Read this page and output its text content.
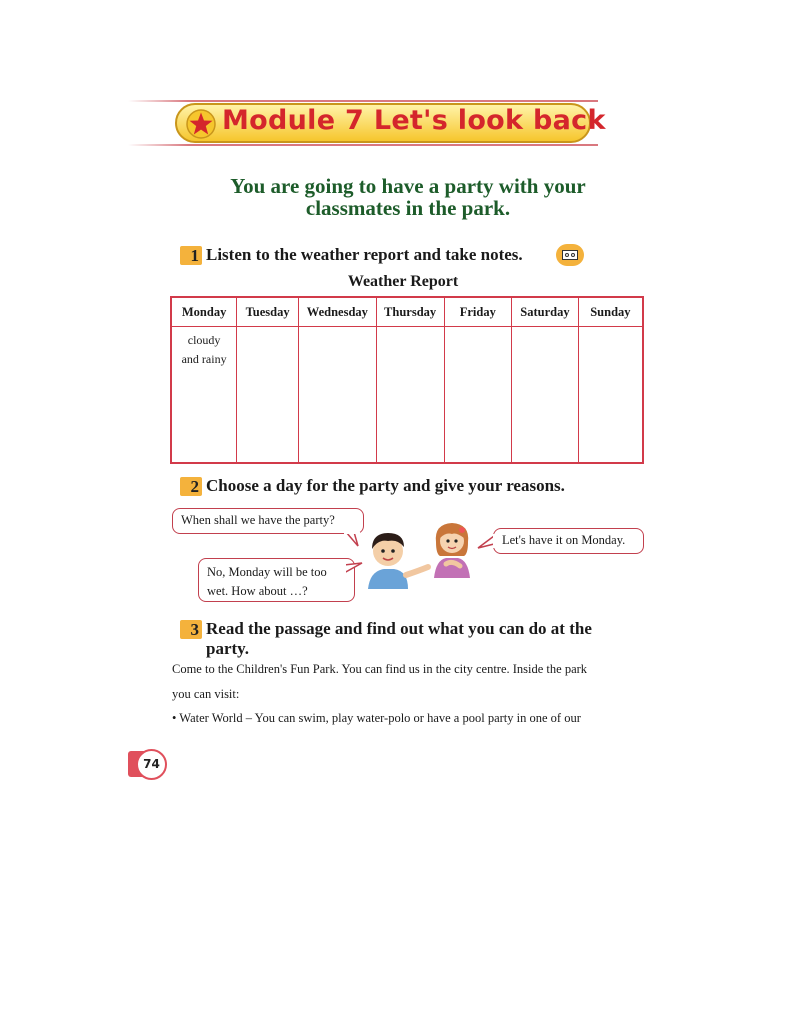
Module 7 Let's look back
You are going to have a party with your
classmates in the park.
1 Listen to the weather report and take notes.
Weather Report
Monday	Tuesday	Wednesday	Thursday	Friday	Saturday	Sunday
cloudy
and rainy						
2 Choose a day for the party and give your reasons.
When shall we have the party?
Let's have it on Monday.
No, Monday will be too
wet. How about …?
3 Read the passage and find out what you can do at the
party.
Come to the Children's Fun Park. You can find us in the city centre. Inside the park
you can visit:
• Water World – You can swim, play water-polo or have a pool party in one of our
74
